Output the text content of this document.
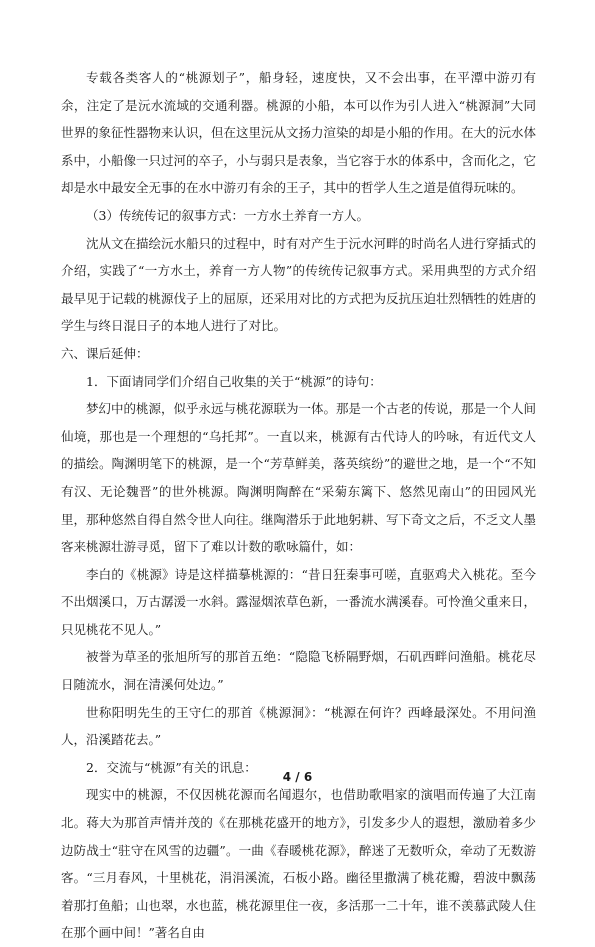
专载各类客人的“桃源划子”，船身轻，速度快，又不会出事，在平潭中游刃有余，注定了是沅水流域的交通利器。桃源的小船，本可以作为引人进入“桃源洞”大同世界的象征性器物来认识，但在这里沅从文扬力渲染的却是小船的作用。在大的沅水体系中，小船像一只过河的卒子，小与弱只是表象，当它容于水的体系中，含而化之，它却是水中最安全无事的在水中游刃有余的王子，其中的哲学人生之道是值得玩味的。

（3）传统传记的叙事方式：一方水土养育一方人。

沈从文在描绘沅水船只的过程中，时有对产生于沅水河畔的时尚名人进行穿插式的介绍，实践了“一方水土，养育一方人物”的传统传记叙事方式。采用典型的方式介绍最早见于记载的桃源伐子上的屈原，还采用对比的方式把为反抗压迫壮烈牺牲的姓唐的学生与终日混日子的本地人进行了对比。

六、课后延伸：

1．下面请同学们介绍自己收集的关于“桃源”的诗句：

梦幻中的桃源，似乎永远与桃花源联为一体。那是一个古老的传说，那是一个人间仙境，那也是一个理想的“乌托邦”。一直以来，桃源有古代诗人的吟咏，有近代文人的描绘。陶渊明笔下的桃源，是一个“芳草鲜美，落英缤纷”的避世之地，是一个“不知有汉、无论魏晋”的世外桃源。陶渊明陶醉在“采菊东篱下、悠然见南山”的田园风光里，那种悠然自得自然令世人向往。继陶潜乐于此地躬耕、写下奇文之后，不乏文人墨客来桃源壮游寻觅，留下了难以计数的歌咏篇什，如：

李白的《桃源》诗是这样描摹桃源的：“昔日狂秦事可嗟，直驱鸡犬入桃花。至今不出烟溪口，万古潺湲一水斜。露湿烟浓草色新，一番流水满溪春。可怜渔父重来日，只见桃花不见人。”

被誉为草圣的张旭所写的那首五绝：“隐隐飞桥隔野烟，石矶西畔问渔船。桃花尽日随流水，洞在清溪何处边。”

世称阳明先生的王守仁的那首《桃源洞》：“桃源在何许？西峰最深处。不用问渔人，沿溪踏花去。”

2．交流与“桃源”有关的讯息：

现实中的桃源，不仅因桃花源而名闻遐尔，也借助歌唱家的演唱而传遍了大江南北。蒋大为那首声情并茂的《在那桃花盛开的地方》，引发多少人的遐想，激励着多少边防战士“驻守在风雪的边疆”。一曲《春暖桃花源》，醉迷了无数听众，牵动了无数游客。“三月春风，十里桃花，涓涓溪流，石板小路。幽径里撒满了桃花瓣，碧波中飘荡着那打鱼船；山也翠，水也蓝，桃花源里住一夜，多活那一二十年，谁不羡慕武陵人住在那个画中间！”著名自由

4 / 6
